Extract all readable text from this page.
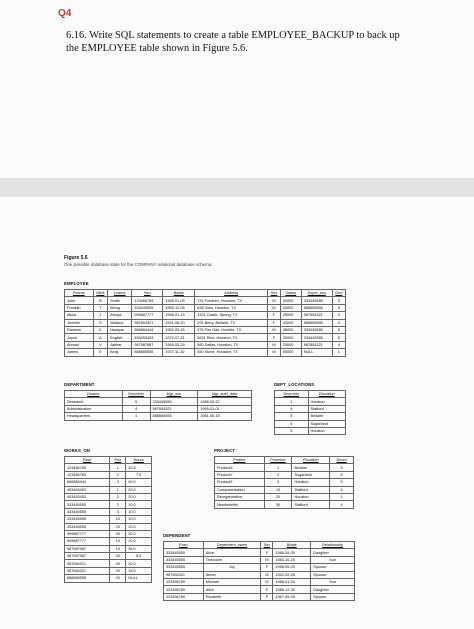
Q4
6.16. Write SQL statements to create a table EMPLOYEE_BACKUP to back up the EMPLOYEE table shown in Figure 5.6.
Figure 5.6
One possible database state for the COMPANY relational database schema.
EMPLOYEE
Fname	Minit	Lname	Ssn	Bdate	Address	Sex	Salary	Super_ssn	Dno
John	B	Smith	123456789	1965-01-09	731 Fondren, Houston, TX	M	30000	333445555	5
Franklin	T	Wong	333445555	1955-12-08	638 Voss, Houston, TX	M	40000	888665555	5
Alicia	J	Zelaya	999887777	1968-01-19	3321 Castle, Spring, TX	F	25000	987654321	4
Jennifer	S	Wallace	987654321	1941-06-20	291 Berry, Bellaire, TX	F	43000	888665555	4
Ramesh	K	Narayan	666884444	1962-09-15	975 Fire Oak, Humble, TX	M	38000	333445555	5
Joyce	A	English	453453453	1972-07-31	5631 Rice, Houston, TX	F	25000	333445555	5
Ahmad	V	Jabbar	987987987	1969-03-29	980 Dallas, Houston, TX	M	25000	987654321	4
James	E	Borg	888665555	1937-11-10	450 Stone, Houston, TX	M	55000	NULL	1
DEPARTMENT
Dname	Dnumber	Mgr_ssn	Mgr_start_date
Research	5	333445555	1988-05-22
Administration	4	987654321	1995-01-01
Headquarters	1	888665555	1981-06-19
DEPT_LOCATIONS
Dnumber	Dlocation
1	Houston
4	Stafford
5	Bellaire
5	Sugarland
5	Houston
WORKS_ON
Essn	Pno	Hours
123456789	1	32.5
123456789	2	7.5
666884444	3	40.0
453453453	1	20.0
453453453	2	20.0
333445555	2	10.0
333445555	3	10.0
333445555	10	10.0
333445555	20	10.0
999887777	30	30.0
999887777	10	10.0
987987987	10	35.0
987987987	30	5.0
987654321	30	20.0
987654321	20	15.0
888665555	20	NULL
PROJECT
Pname	Pnumber	Plocation	Dnum
ProductX	1	Bellaire	5
ProductY	2	Sugarland	5
ProductZ	3	Houston	5
Computerization	10	Stafford	4
Reorganization	20	Houston	1
Newbenefits	30	Stafford	4
DEPENDENT
Essn	Dependent_name	Sex	Bdate	Relationship
333445555	Alice	F	1986-04-05	Daughter
333445555	Theodore	M	1983-10-25	Son
333445555	Joy	F	1958-05-03	Spouse
987654321	Abner	M	1942-02-28	Spouse
123456789	Michael	M	1988-01-04	Son
123456789	Alice	F	1988-12-30	Daughter
123456789	Elizabeth	F	1967-05-05	Spouse
